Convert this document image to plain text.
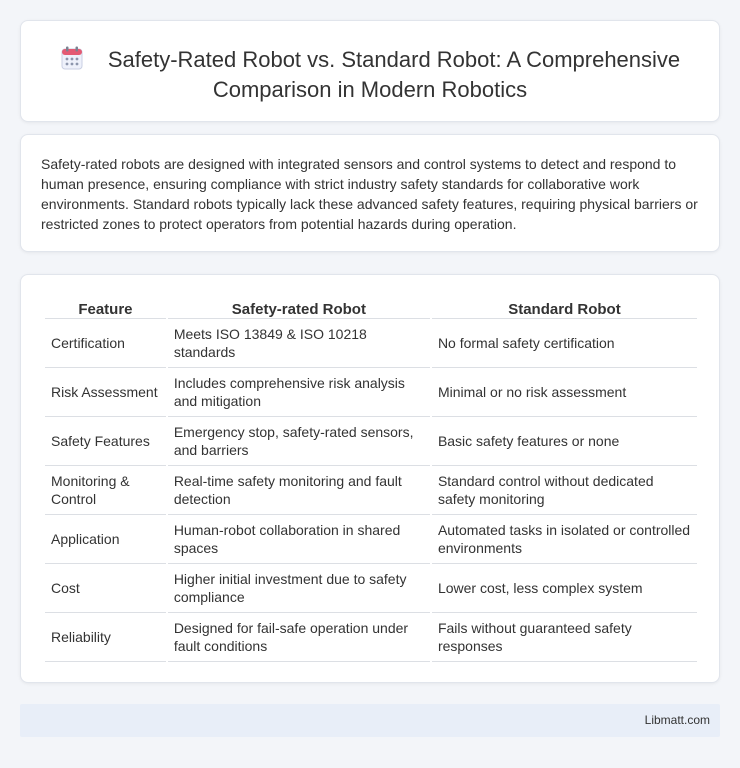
Safety-Rated Robot vs. Standard Robot: A Comprehensive Comparison in Modern Robotics

Safety-rated robots are designed with integrated sensors and control systems to detect and respond to human presence, ensuring compliance with strict industry safety standards for collaborative work environments. Standard robots typically lack these advanced safety features, requiring physical barriers or restricted zones to protect operators from potential hazards during operation.

Feature	Safety-rated Robot	Standard Robot
Certification	Meets ISO 13849 & ISO 10218 standards	No formal safety certification
Risk Assessment	Includes comprehensive risk analysis and mitigation	Minimal or no risk assessment
Safety Features	Emergency stop, safety-rated sensors, and barriers	Basic safety features or none
Monitoring & Control	Real-time safety monitoring and fault detection	Standard control without dedicated safety monitoring
Application	Human-robot collaboration in shared spaces	Automated tasks in isolated or controlled environments
Cost	Higher initial investment due to safety compliance	Lower cost, less complex system
Reliability	Designed for fail-safe operation under fault conditions	Fails without guaranteed safety responses
Libmatt.com
